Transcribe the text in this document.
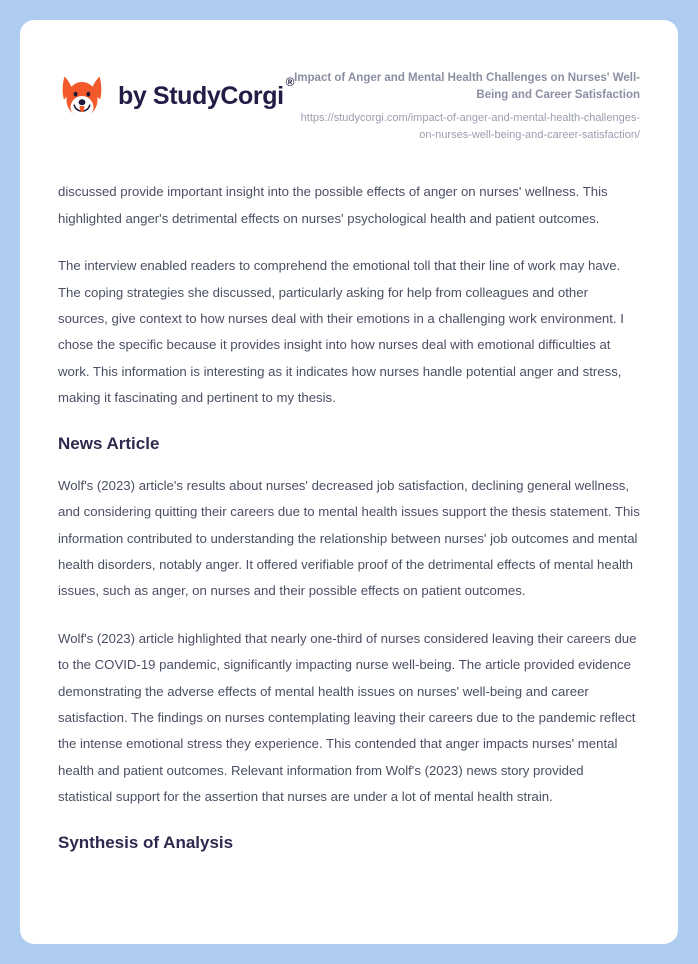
by StudyCorgi ® Impact of Anger and Mental Health Challenges on Nurses' Well-Being and Career Satisfaction
https://studycorgi.com/impact-of-anger-and-mental-health-challenges-on-nurses-well-being-and-career-satisfaction/

discussed provide important insight into the possible effects of anger on nurses' wellness. This highlighted anger's detrimental effects on nurses' psychological health and patient outcomes.

The interview enabled readers to comprehend the emotional toll that their line of work may have. The coping strategies she discussed, particularly asking for help from colleagues and other sources, give context to how nurses deal with their emotions in a challenging work environment. I chose the specific because it provides insight into how nurses deal with emotional difficulties at work. This information is interesting as it indicates how nurses handle potential anger and stress, making it fascinating and pertinent to my thesis.

News Article

Wolf's (2023) article's results about nurses' decreased job satisfaction, declining general wellness, and considering quitting their careers due to mental health issues support the thesis statement. This information contributed to understanding the relationship between nurses' job outcomes and mental health disorders, notably anger. It offered verifiable proof of the detrimental effects of mental health issues, such as anger, on nurses and their possible effects on patient outcomes.

Wolf's (2023) article highlighted that nearly one-third of nurses considered leaving their careers due to the COVID-19 pandemic, significantly impacting nurse well-being. The article provided evidence demonstrating the adverse effects of mental health issues on nurses' well-being and career satisfaction. The findings on nurses contemplating leaving their careers due to the pandemic reflect the intense emotional stress they experience. This contended that anger impacts nurses' mental health and patient outcomes. Relevant information from Wolf's (2023) news story provided statistical support for the assertion that nurses are under a lot of mental health strain.

Synthesis of Analysis
